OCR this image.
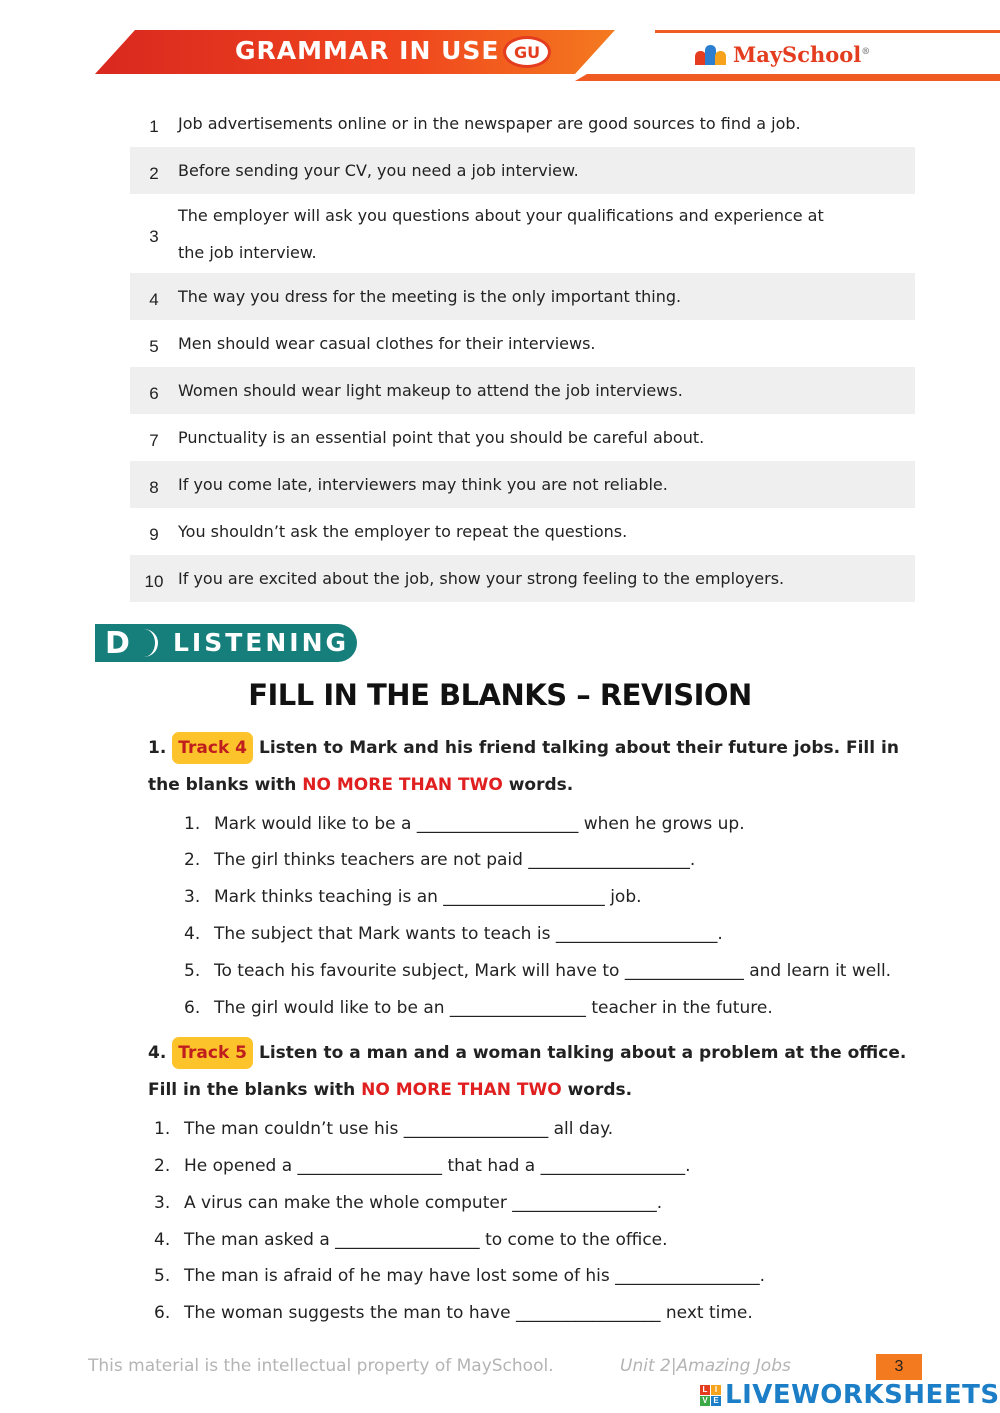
GRAMMAR IN USE GU	MaySchool®
1	Job advertisements online or in the newspaper are good sources to find a job.
2	Before sending your CV, you need a job interview.
3
The employer will ask you questions about your qualifications and experience at the job interview.
4	The way you dress for the meeting is the only important thing.
5	Men should wear casual clothes for their interviews.
6	Women should wear light makeup to attend the job interviews.
7	Punctuality is an essential point that you should be careful about.
8	If you come late, interviewers may think you are not reliable.
9	You shouldn’t ask the employer to repeat the questions.
10 If you are excited about the job, show your strong feeling to the employers.
D LISTENING
FILL IN THE BLANKS – REVISION
1. Track 4 Listen to Mark and his friend talking about their future jobs. Fill in the blanks with NO MORE THAN TWO words.
1. Mark would like to be a ___________________ when he grows up.
2. The girl thinks teachers are not paid ___________________.
3. Mark thinks teaching is an ___________________ job.
4. The subject that Mark wants to teach is ___________________.
5. To teach his favourite subject, Mark will have to ______________ and learn it well.
6. The girl would like to be an ________________ teacher in the future.
4. Track 5 Listen to a man and a woman talking about a problem at the office. Fill in the blanks with NO MORE THAN TWO words.
1. The man couldn’t use his _________________ all day.
2. He opened a _________________ that had a _________________.
3. A virus can make the whole computer _________________.
4. The man asked a _________________ to come to the office.
5. The man is afraid of he may have lost some of his _________________.
6. The woman suggests the man to have _________________ next time.
This material is the intellectual property of MaySchool.	Unit 2|Amazing Jobs	3
L I
V E LIVEWORKSHEETS
